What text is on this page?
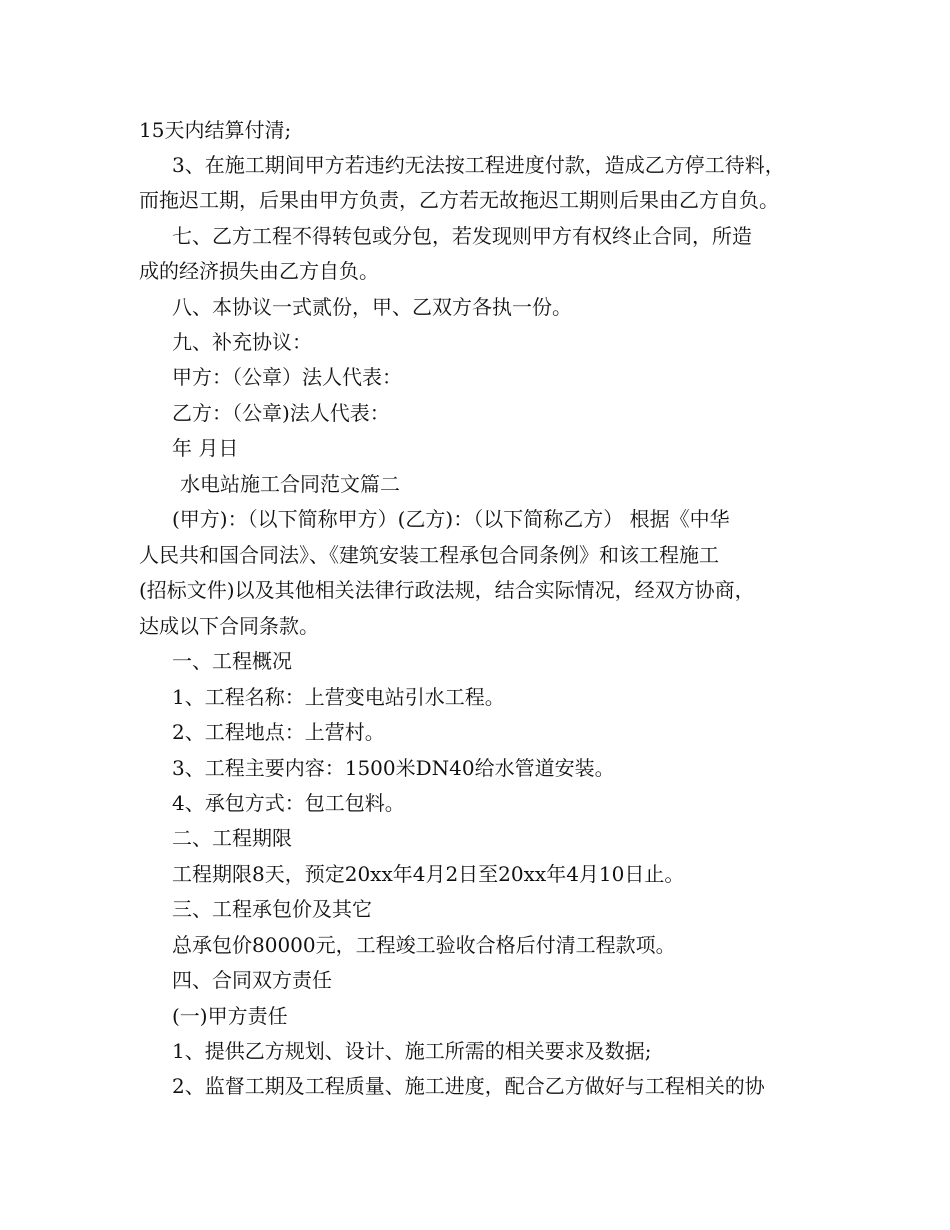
15天内结算付清;
3、在施工期间甲方若违约无法按工程进度付款，造成乙方停工待料，
而拖迟工期，后果由甲方负责，乙方若无故拖迟工期则后果由乙方自负。
七、乙方工程不得转包或分包，若发现则甲方有权终止合同，所造
成的经济损失由乙方自负。
八、本协议一式贰份，甲、乙双方各执一份。
九、补充协议：
甲方：（公章）法人代表：
乙方：（公章)法人代表：
年 月日
水电站施工合同范文篇二
(甲方)：（以下简称甲方）(乙方)：（以下简称乙方） 根据《中华
人民共和国合同法》、《建筑安装工程承包合同条例》和该工程施工
(招标文件)以及其他相关法律行政法规，结合实际情况，经双方协商，
达成以下合同条款。
一、工程概况
1、工程名称：上营变电站引水工程。
2、工程地点：上营村。
3、工程主要内容：1500米DN40给水管道安装。
4、承包方式：包工包料。
二、工程期限
工程期限8天，预定20xx年4月2日至20xx年4月10日止。
三、工程承包价及其它
总承包价80000元，工程竣工验收合格后付清工程款项。
四、合同双方责任
(一)甲方责任
1、提供乙方规划、设计、施工所需的相关要求及数据;
2、监督工期及工程质量、施工进度，配合乙方做好与工程相关的协
